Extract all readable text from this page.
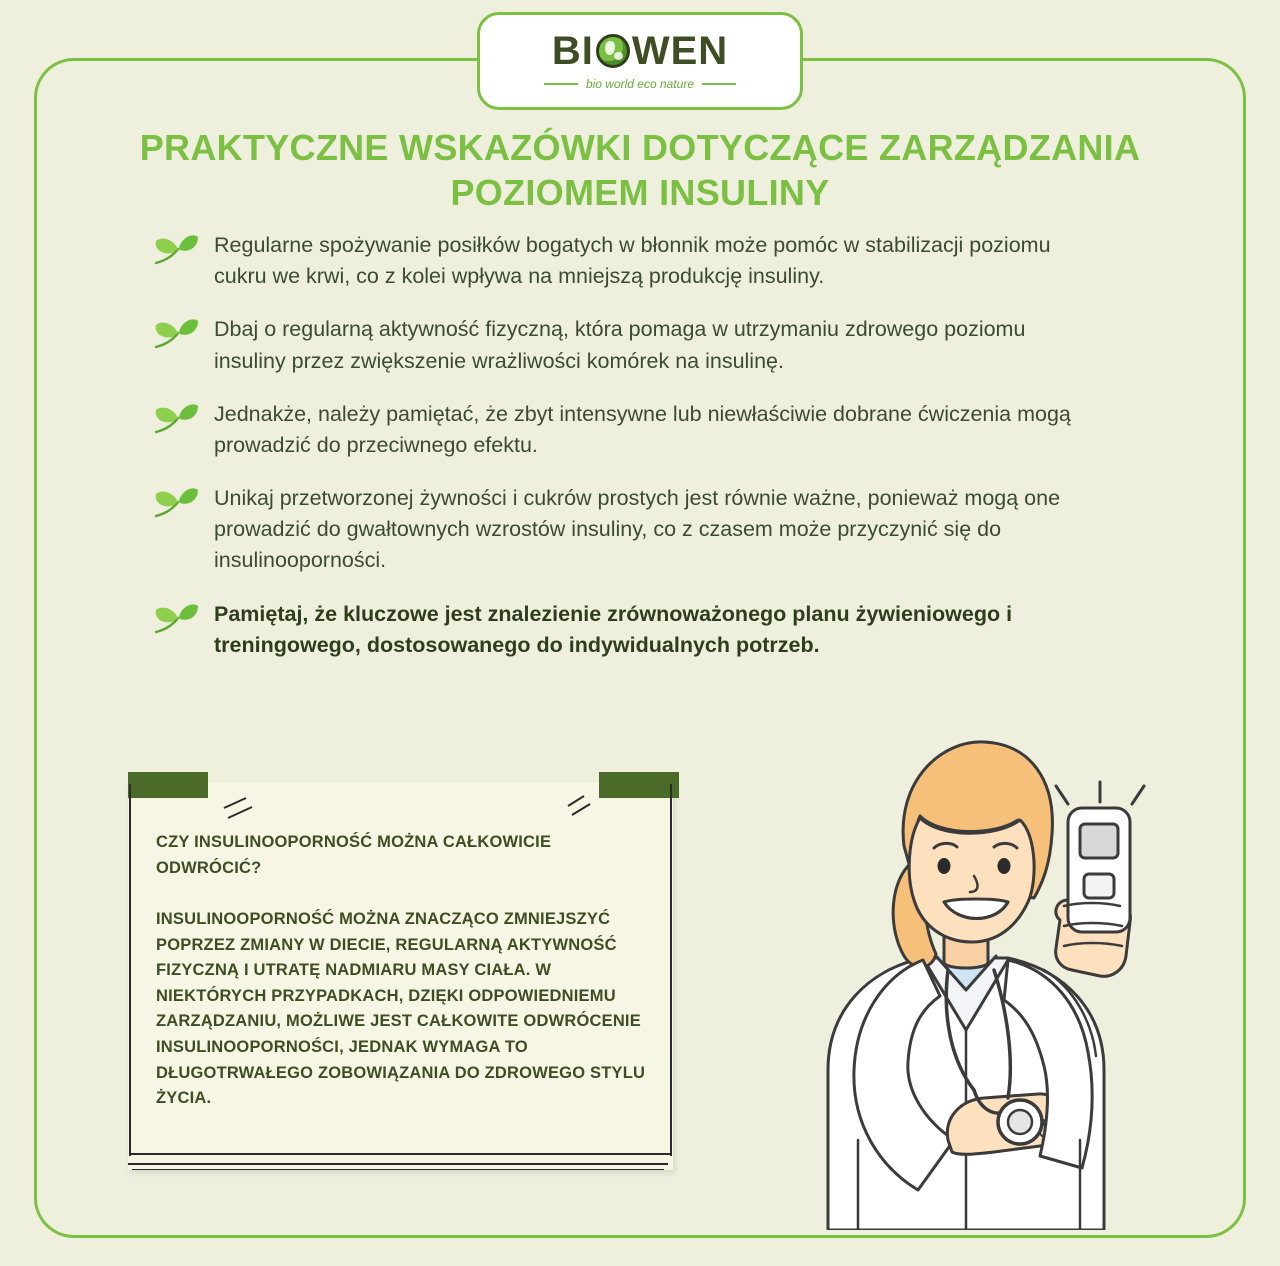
BI WEN
bio world eco nature
PRAKTYCZNE WSKAZÓWKI DOTYCZĄCE ZARZĄDZANIA POZIOMEM INSULINY
Regularne spożywanie posiłków bogatych w błonnik może pomóc w stabilizacji poziomu cukru we krwi, co z kolei wpływa na mniejszą produkcję insuliny.
Dbaj o regularną aktywność fizyczną, która pomaga w utrzymaniu zdrowego poziomu insuliny przez zwiększenie wrażliwości komórek na insulinę.
Jednakże, należy pamiętać, że zbyt intensywne lub niewłaściwie dobrane ćwiczenia mogą prowadzić do przeciwnego efektu.
Unikaj przetworzonej żywności i cukrów prostych jest równie ważne, ponieważ mogą one prowadzić do gwałtownych wzrostów insuliny, co z czasem może przyczynić się do insulinooporności.
Pamiętaj, że kluczowe jest znalezienie zrównoważonego planu żywieniowego i treningowego, dostosowanego do indywidualnych potrzeb.
CZY INSULINOOPORNOŚĆ MOŻNA CAŁKOWICIE ODWRÓCIĆ?
INSULINOOPORNOŚĆ MOŻNA ZNACZĄCO ZMNIEJSZYĆ POPRZEZ ZMIANY W DIECIE, REGULARNĄ AKTYWNOŚĆ FIZYCZNĄ I UTRATĘ NADMIARU MASY CIAŁA. W NIEKTÓRYCH PRZYPADKACH, DZIĘKI ODPOWIEDNIEMU ZARZĄDZANIU, MOŻLIWE JEST CAŁKOWITE ODWRÓCENIE INSULINOOPORNOŚCI, JEDNAK WYMAGA TO DŁUGOTRWAŁEGO ZOBOWIĄZANIA DO ZDROWEGO STYLU ŻYCIA.
